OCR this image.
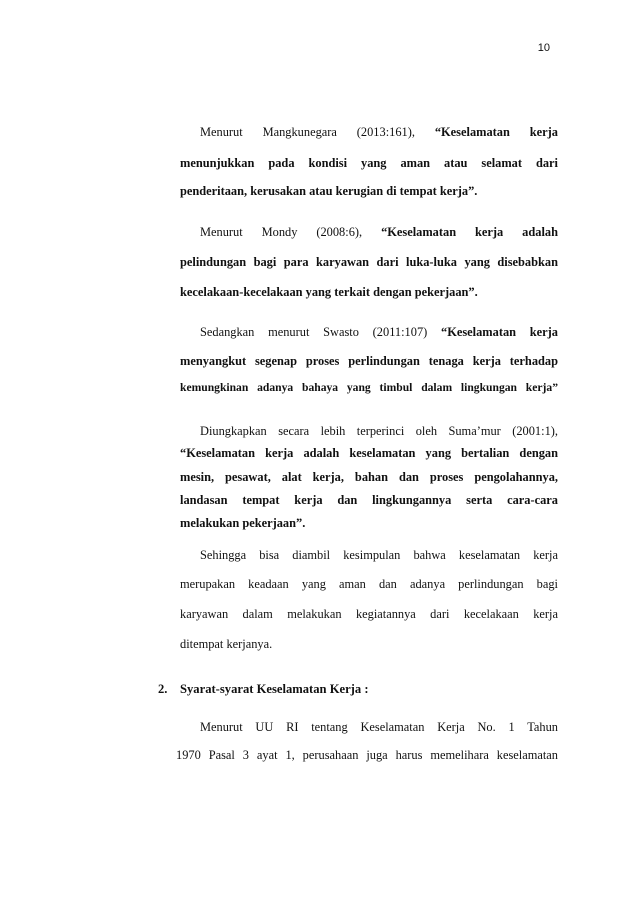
10
Menurut Mangkunegara (2013:161), “Keselamatan kerja
menunjukkan pada kondisi yang aman atau selamat dari
penderitaan, kerusakan atau kerugian di tempat kerja”.
Menurut Mondy (2008:6), “Keselamatan kerja adalah
pelindungan bagi para karyawan dari luka-luka yang disebabkan
kecelakaan-kecelakaan yang terkait dengan pekerjaan”.
Sedangkan menurut Swasto (2011:107) “Keselamatan kerja
menyangkut segenap proses perlindungan tenaga kerja terhadap
kemungkinan adanya bahaya yang timbul dalam lingkungan kerja”
Diungkapkan secara lebih terperinci oleh Suma’mur (2001:1),
“Keselamatan kerja adalah keselamatan yang bertalian dengan
mesin, pesawat, alat kerja, bahan dan proses pengolahannya,
landasan tempat kerja dan lingkungannya serta cara-cara
melakukan pekerjaan”.
Sehingga bisa diambil kesimpulan bahwa keselamatan kerja
merupakan keadaan yang aman dan adanya perlindungan bagi
karyawan dalam melakukan kegiatannya dari kecelakaan kerja
ditempat kerjanya.
2. Syarat-syarat Keselamatan Kerja :
Menurut UU RI tentang Keselamatan Kerja No. 1 Tahun
1970 Pasal 3 ayat 1, perusahaan juga harus memelihara keselamatan
